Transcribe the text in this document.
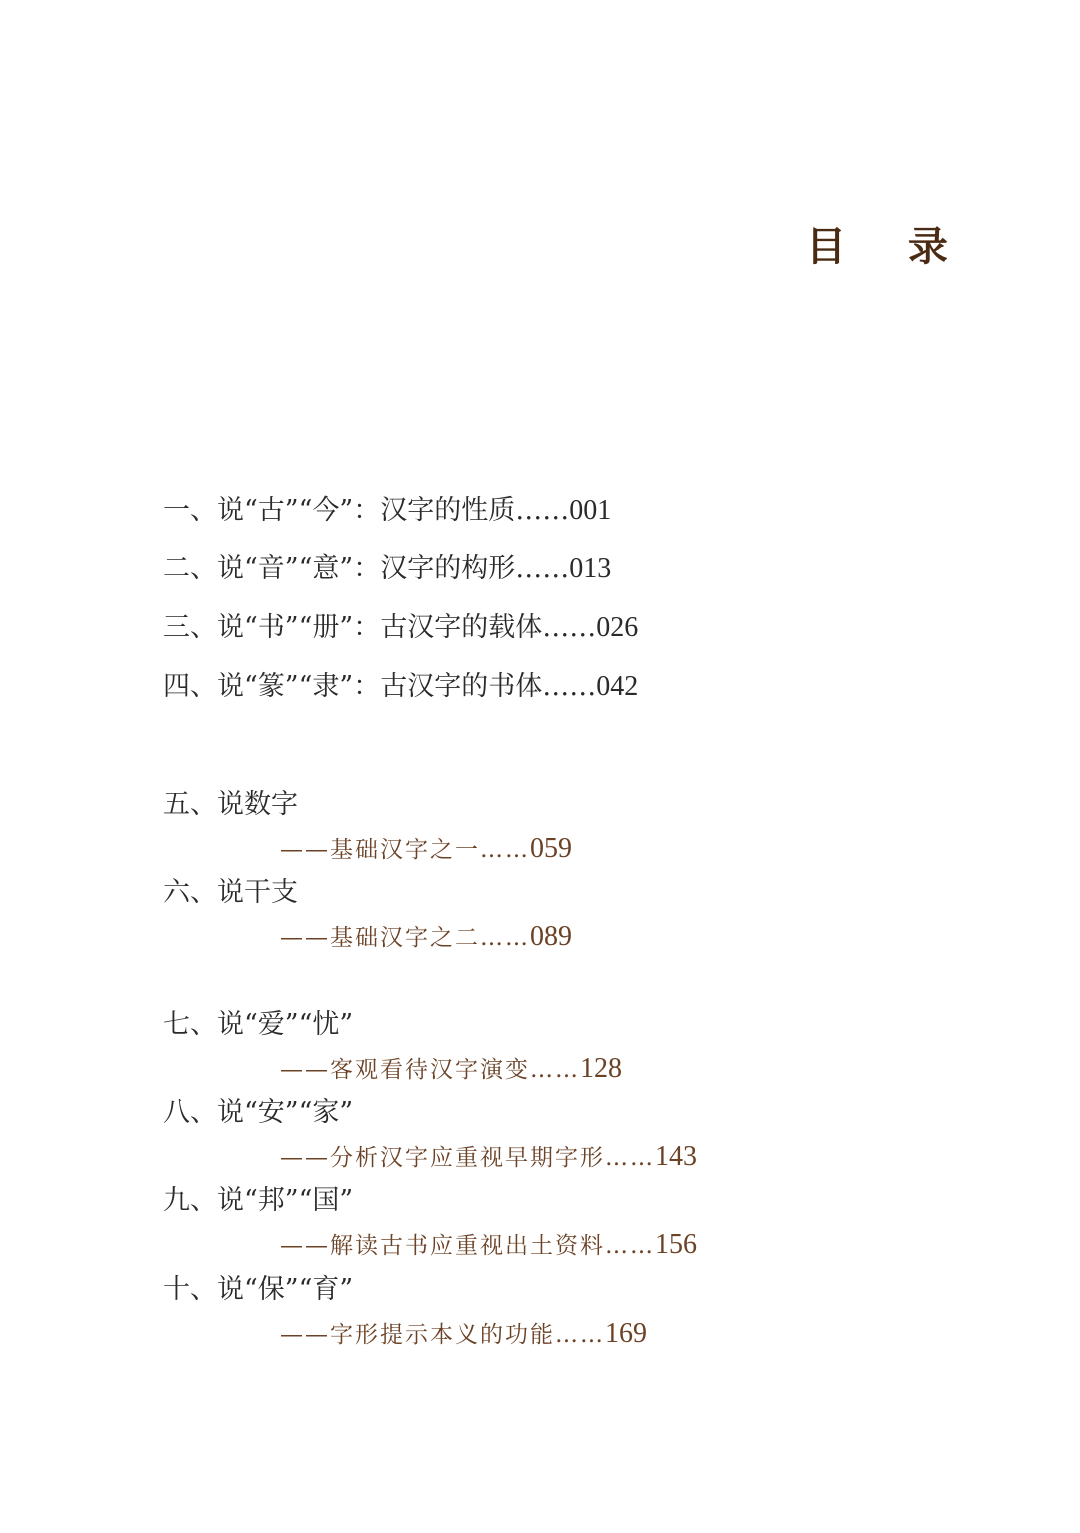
目 录
一、说“古”“今”：汉字的性质……001
二、说“音”“意”：汉字的构形……013
三、说“书”“册”：古汉字的载体……026
四、说“篆”“隶”：古汉字的书体……042
五、说数字
——基础汉字之一……059
六、说干支
——基础汉字之二……089
七、说“爱”“忧”
——客观看待汉字演变……128
八、说“安”“家”
——分析汉字应重视早期字形……143
九、说“邦”“国”
——解读古书应重视出土资料……156
十、说“保”“育”
——字形提示本义的功能……169
